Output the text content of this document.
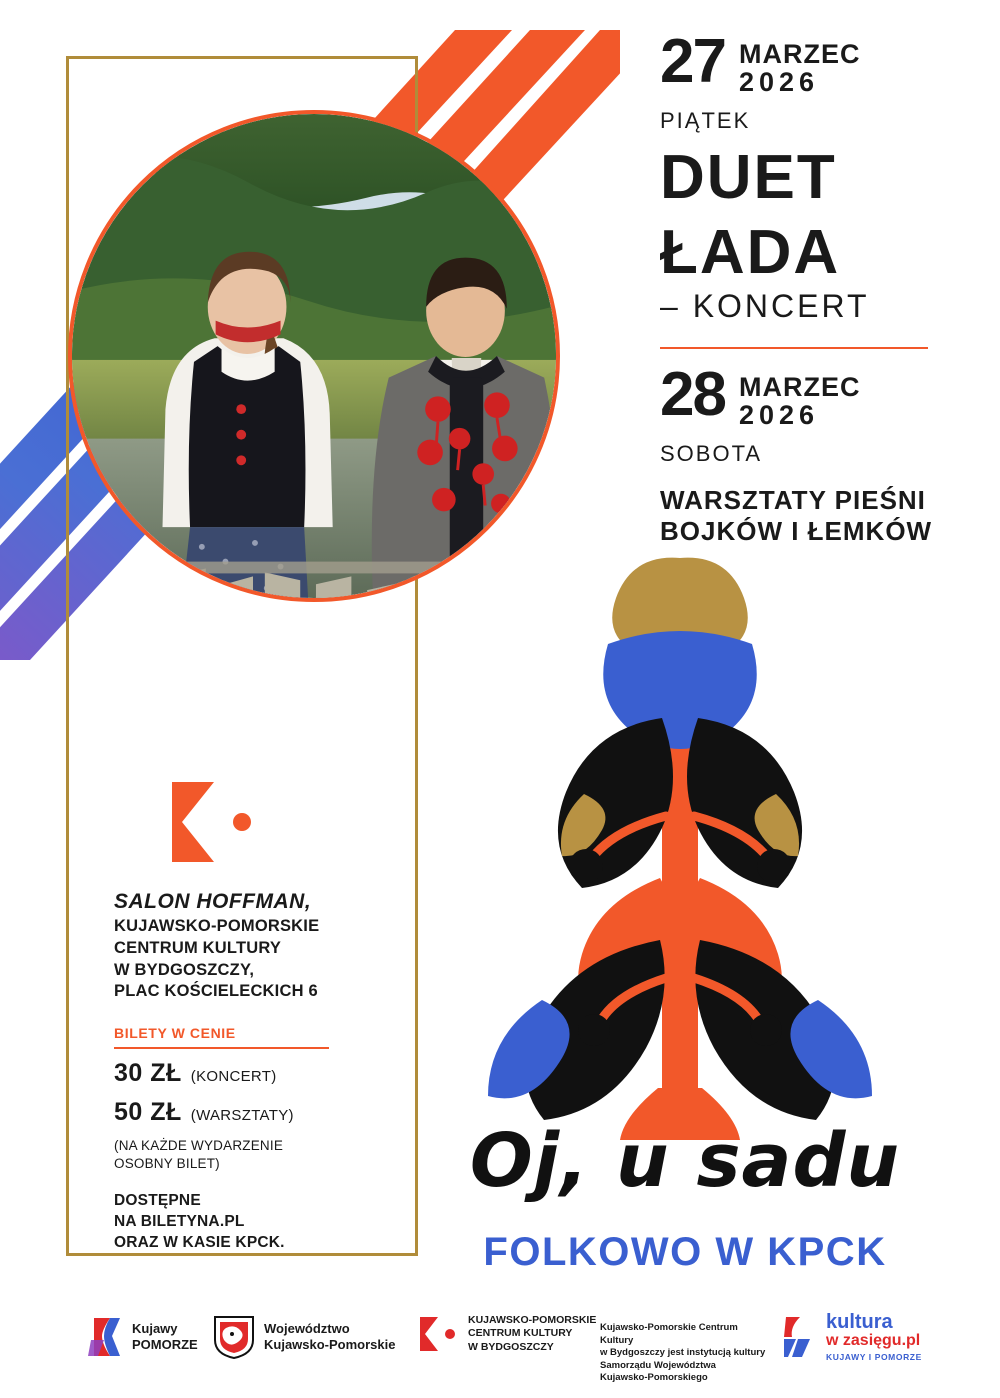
27 MARZEC
2026
PIĄTEK
DUET
ŁADA
– KONCERT
28 MARZEC
2026
SOBOTA
WARSZTATY PIEŚNI
BOJKÓW I ŁEMKÓW
SALON HOFFMAN,
KUJAWSKO-POMORSKIE
CENTRUM KULTURY
W BYDGOSZCZY,
PLAC KOŚCIELECKICH 6
BILETY W CENIE
30 ZŁ (KONCERT)
50 ZŁ (WARSZTATY)
(NA KAŻDE WYDARZENIE
OSOBNY BILET)
DOSTĘPNE
NA BILETYNA.PL
ORAZ W KASIE KPCK.
Oj, u sadu
FOLKOWO W KPCK
Kujawy
POMORZE
Województwo
Kujawsko-Pomorskie
KUJAWSKO-POMORSKIE
CENTRUM KULTURY
W BYDGOSZCZY
kultura
w zasięgu.pl
KUJAWY I POMORZE
Kujawsko-Pomorskie Centrum Kultury
w Bydgoszczy jest instytucją kultury
Samorządu Województwa
Kujawsko-Pomorskiego
